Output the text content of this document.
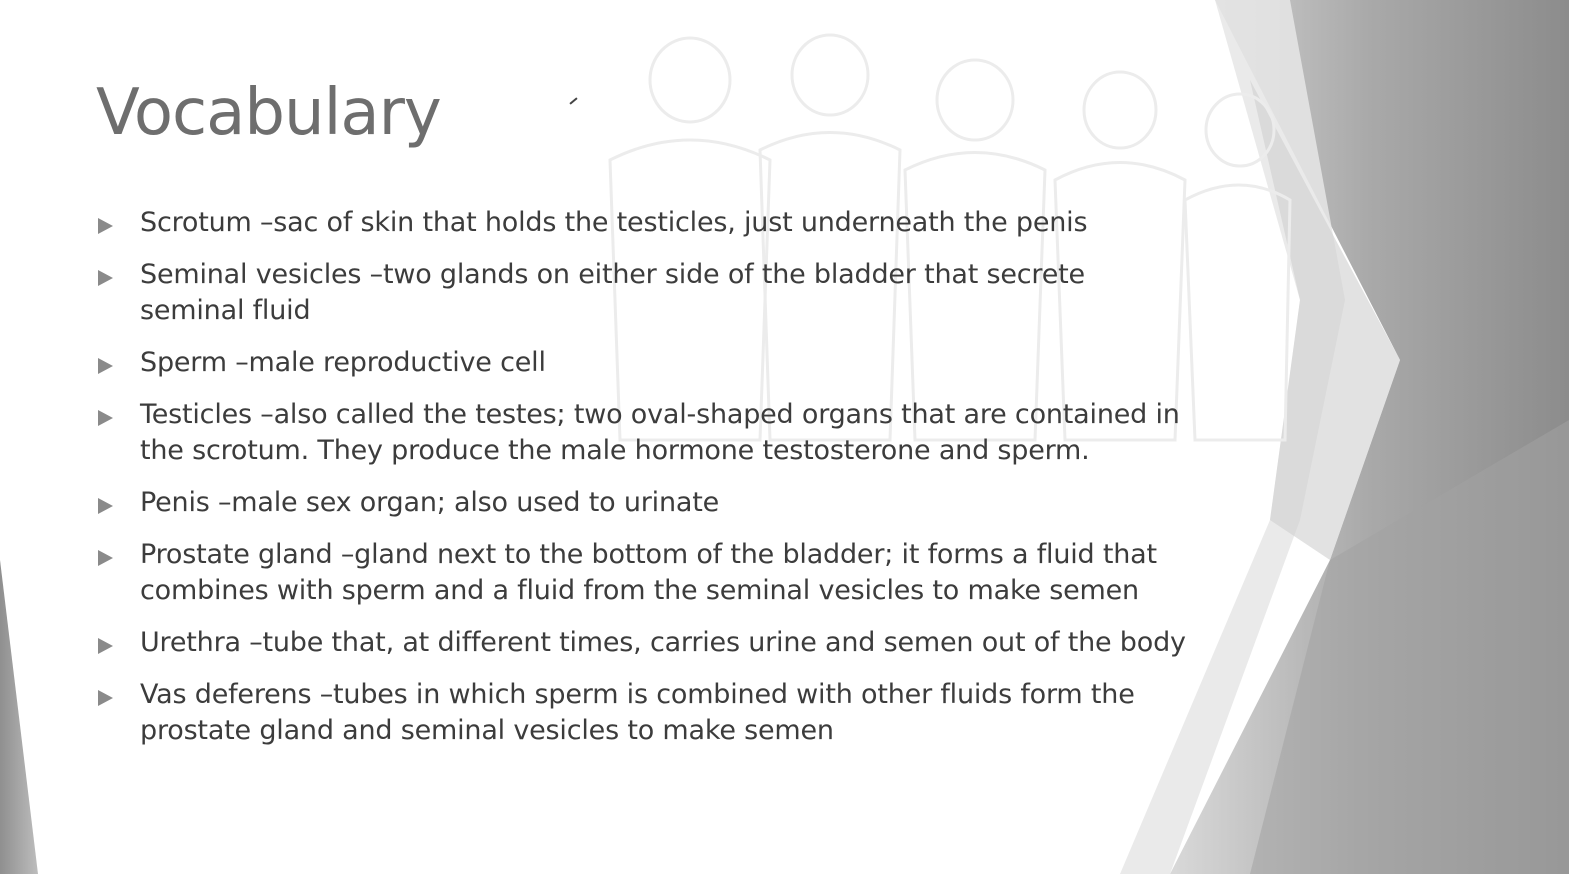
Vocabulary
Scrotum –sac of skin that holds the testicles, just underneath the penis
Seminal vesicles –two glands on either side of the bladder that secrete seminal fluid
Sperm –male reproductive cell
Testicles –also called the testes; two oval-shaped organs that are contained in the scrotum. They produce the male hormone testosterone and sperm.
Penis –male sex organ; also used to urinate
Prostate gland –gland next to the bottom of the bladder; it forms a fluid that combines with sperm and a fluid from the seminal vesicles to make semen
Urethra –tube that, at different times, carries urine and semen out of the body
Vas deferens –tubes in which sperm is combined with other fluids form the prostate gland and seminal vesicles to make semen
